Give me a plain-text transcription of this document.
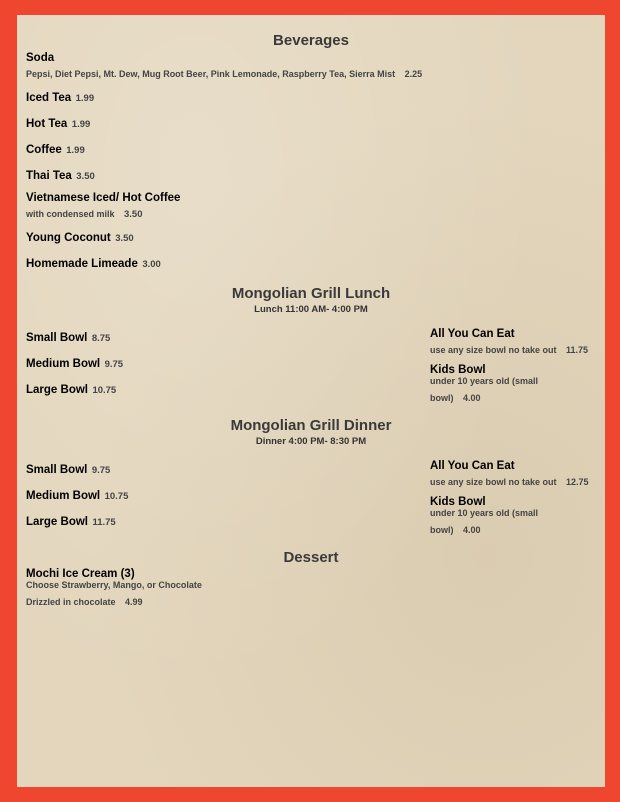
Beverages
Soda
Pepsi, Diet Pepsi, Mt. Dew, Mug Root Beer, Pink Lemonade, Raspberry Tea, Sierra Mist 2.25
Iced Tea 1.99
Hot Tea 1.99
Coffee 1.99
Thai Tea 3.50
Vietnamese Iced/ Hot Coffee
with condensed milk 3.50
Young Coconut 3.50
Homemade Limeade 3.00
Mongolian Grill Lunch
Lunch 11:00 AM- 4:00 PM
Small Bowl 8.75
Medium Bowl 9.75
Large Bowl 10.75
All You Can Eat
use any size bowl no take out 11.75
Kids Bowl
under 10 years old (small
bowl) 4.00
Mongolian Grill Dinner
Dinner 4:00 PM- 8:30 PM
Small Bowl 9.75
Medium Bowl 10.75
Large Bowl 11.75
All You Can Eat
use any size bowl no take out 12.75
Kids Bowl
under 10 years old (small
bowl) 4.00
Dessert
Mochi Ice Cream (3)
Choose Strawberry, Mango, or Chocolate
Drizzled in chocolate 4.99
